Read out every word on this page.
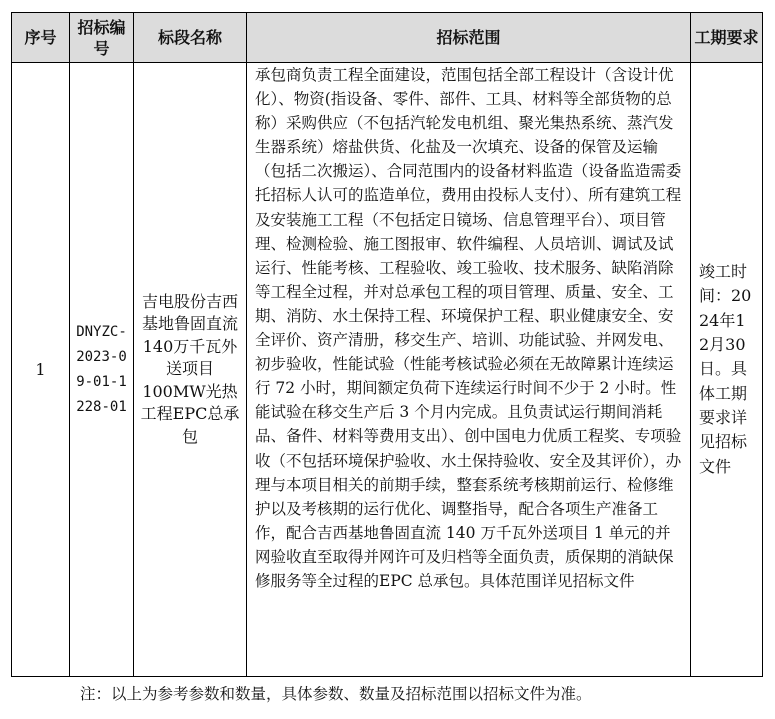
序号	招标编号	标段名称	招标范围	工期要求
1	DNYZC-2023-09-01-1228-01	吉电股份吉西基地鲁固直流140万千瓦外送项目100MW光热工程EPC总承包	承包商负责工程全面建设，范围包括全部工程设计（含设计优化）、物资(指设备、零件、部件、工具、材料等全部货物的总称）采购供应（不包括汽轮发电机组、聚光集热系统、蒸汽发生器系统）熔盐供货、化盐及一次填充、设备的保管及运输（包括二次搬运）、合同范围内的设备材料监造（设备监造需委托招标人认可的监造单位，费用由投标人支付）、所有建筑工程及安装施工工程（不包括定日镜场、信息管理平台）、项目管理、检测检验、施工图报审、软件编程、人员培训、调试及试运行、性能考核、工程验收、竣工验收、技术服务、缺陷消除等工程全过程，并对总承包工程的项目管理、质量、安全、工期、消防、水土保持工程、环境保护工程、职业健康安全、安全评价、资产清册，移交生产、培训、功能试验、并网发电、初步验收，性能试验（性能考核试验必须在无故障累计连续运行 72 小时，期间额定负荷下连续运行时间不少于 2 小时。性能试验在移交生产后 3 个月内完成。且负责试运行期间消耗品、备件、材料等费用支出）、创中国电力优质工程奖、专项验收（不包括环境保护验收、水土保持验收、安全及其评价），办理与本项目相关的前期手续，整套系统考核期前运行、检修维护以及考核期的运行优化、调整指导，配合各项生产准备工作，配合吉西基地鲁固直流 140 万千瓦外送项目 1 单元的并网验收直至取得并网许可及归档等全面负责，质保期的消缺保修服务等全过程的EPC 总承包。具体范围详见招标文件	竣工时间：2024年12月30日。具体工期要求详见招标文件
注：以上为参考参数和数量，具体参数、数量及招标范围以招标文件为准。
